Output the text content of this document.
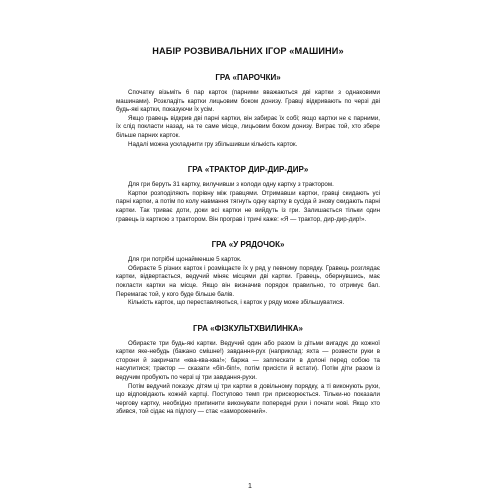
НАБІР РОЗВИВАЛЬНИХ ІГОР «МАШИНИ»
ГРА «ПАРОЧКИ»

Спочатку візьміть 6 пар карток (парними вважаються дві картки з однаковими машинами). Розкладіть картки лицьовим боком донизу. Гравці відкривають по черзі дві будь-які картки, показуючи їх усім.

Якщо гравець відкрив дві парні картки, він забирає їх собі; якщо картки не є парними, їх слід покласти назад, на те саме місце, лицьовим боком донизу. Виграє той, хто збере більше парних карток.

Надалі можна ускладнити гру збільшивши кількість карток.

ГРА «ТРАКТОР ДИР-ДИР-ДИР»

Для гри беруть 31 картку, вилучивши з колоди одну картку з трактором.

Картки розподіляють порівну між гравцями. Отримавши картки, гравці скидають усі парні картки, а потім по колу навмання тягнуть одну картку в сусіда й знову скидають парні картки. Так триває доти, доки всі картки не вийдуть із гри. Залишається тільки один гравець із карткою з трактором. Він програв і тричі каже: «Я — трактор, дир-дир-дир!».

ГРА «У РЯДОЧОК»

Для гри потрібні щонайменше 5 карток.

Обираєте 5 різних карток і розміщаєте їх у ряд у певному порядку. Гравець розглядає картки, відвертається, ведучий міняє місцями дві картки. Гравець, обернувшись, має покласти картки на місце. Якщо він визначив порядок правильно, то отримує бал. Перемагає той, у кого буде більше балів.

Кількість карток, що переставляються, і карток у ряду може збільшуватися.

ГРА «ФІЗКУЛЬТХВИЛИНКА»

Обираєте три будь-які картки. Ведучий один або разом із дітьми вигадує до кожної картки яке-небудь (бажано смішне!) завдання-рух (наприклад: яхта — розвести руки в сторони й закричати «ква-ква-ква!»; баржа — заплескати в долоні перед собою та насупитися; трактор — сказати «біп-біп!», потім присісти й встати). Потім діти разом із ведучим пробують по черзі ці три завдання-рухи.

Потім ведучий показує дітям ці три картки в довільному порядку, а ті виконують рухи, що відповідають кожній картці. Поступово темп гри прискорюється. Тільки-но показали чергову картку, необхідно припинити виконувати попередні рухи і почати нові. Якщо хто збився, той сідає на підлогу — стає «заморожений».

1
